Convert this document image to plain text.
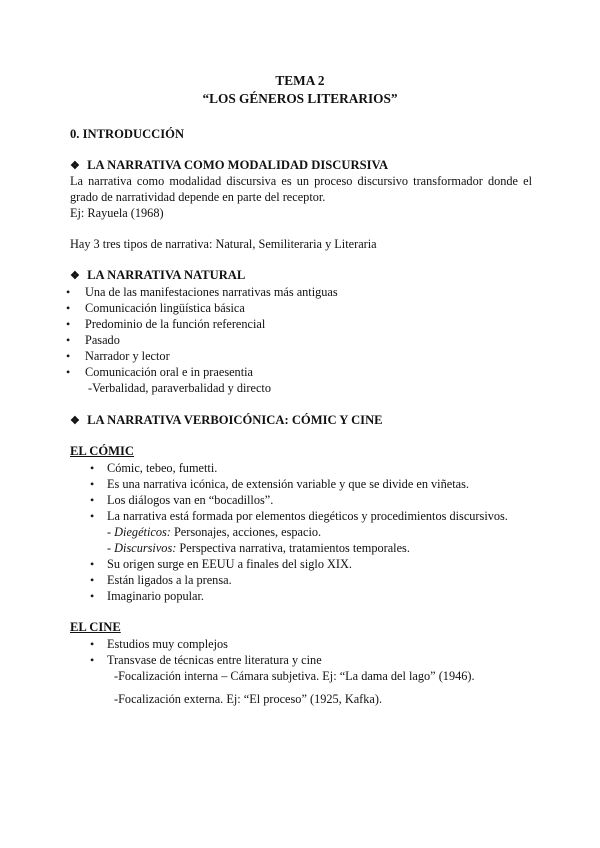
TEMA 2
“LOS GÉNEROS LITERARIOS”
0. INTRODUCCIÓN
❖ LA NARRATIVA COMO MODALIDAD DISCURSIVA
La narrativa como modalidad discursiva es un proceso discursivo transformador donde el grado de narratividad depende en parte del receptor.
Ej: Rayuela (1968)
Hay 3 tres tipos de narrativa: Natural, Semiliteraria y Literaria
❖ LA NARRATIVA NATURAL
• Una de las manifestaciones narrativas más antiguas
• Comunicación lingüística básica
• Predominio de la función referencial
• Pasado
• Narrador y lector
• Comunicación oral e in praesentia
-Verbalidad, paraverbalidad y directo
❖ LA NARRATIVA VERBOICÓNICA: CÓMIC Y CINE
EL CÓMIC
• Cómic, tebeo, fumetti.
• Es una narrativa icónica, de extensión variable y que se divide en viñetas.
• Los diálogos van en “bocadillos”.
• La narrativa está formada por elementos diegéticos y procedimientos discursivos.
- Diegéticos: Personajes, acciones, espacio.
- Discursivos: Perspectiva narrativa, tratamientos temporales.
• Su origen surge en EEUU a finales del siglo XIX.
• Están ligados a la prensa.
• Imaginario popular.
EL CINE
• Estudios muy complejos
• Transvase de técnicas entre literatura y cine
-Focalización interna – Cámara subjetiva. Ej: “La dama del lago” (1946).
-Focalización externa. Ej: “El proceso” (1925, Kafka).
